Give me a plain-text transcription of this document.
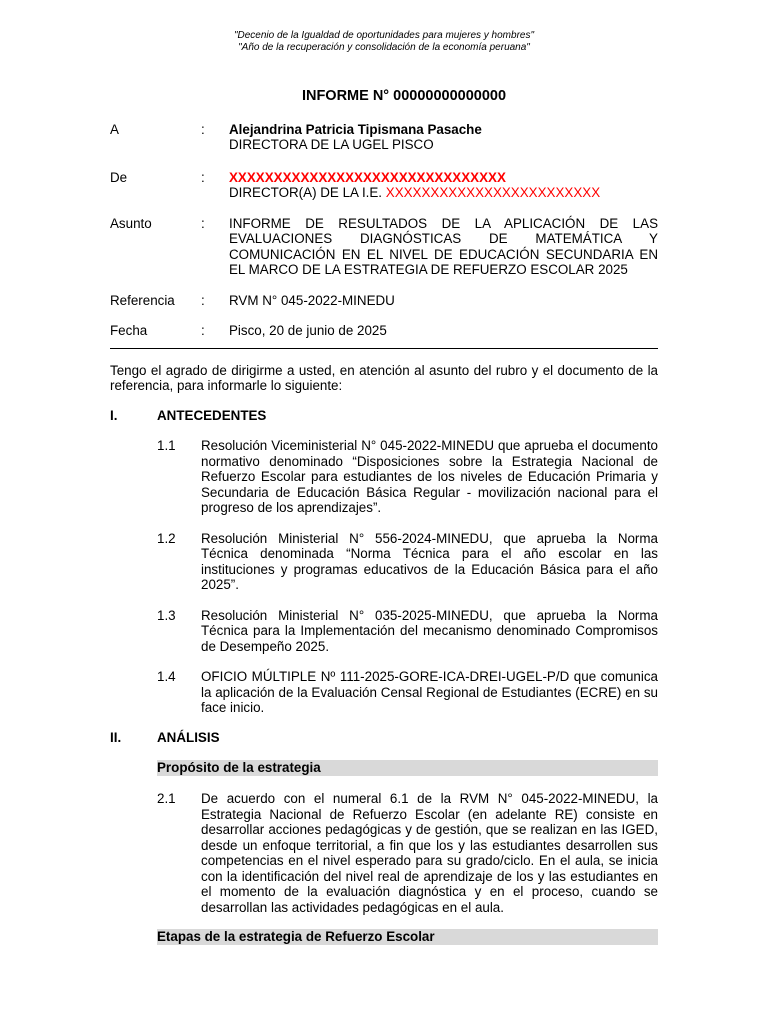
"Decenio de la Igualdad de oportunidades para mujeres y hombres"
"Año de la recuperación y consolidación de la economía peruana"
INFORME N° 00000000000000
A	:	Alejandrina Patricia Tipismana Pasache
DIRECTORA DE LA UGEL PISCO
De	:	XXXXXXXXXXXXXXXXXXXXXXXXXXXXXXX
DIRECTOR(A) DE LA I.E. XXXXXXXXXXXXXXXXXXXXXXXX
Asunto	:	INFORME DE RESULTADOS DE LA APLICACIÓN DE LAS EVALUACIONES DIAGNÓSTICAS DE MATEMÁTICA Y COMUNICACIÓN EN EL NIVEL DE EDUCACIÓN SECUNDARIA EN EL MARCO DE LA ESTRATEGIA DE REFUERZO ESCOLAR 2025
Referencia	:	RVM N° 045-2022-MINEDU
Fecha	:	Pisco, 20 de junio de 2025
Tengo el agrado de dirigirme a usted, en atención al asunto del rubro y el documento de la referencia, para informarle lo siguiente:
I.	ANTECEDENTES
1.1	Resolución Viceministerial N° 045-2022-MINEDU que aprueba el documento normativo denominado “Disposiciones sobre la Estrategia Nacional de Refuerzo Escolar para estudiantes de los niveles de Educación Primaria y Secundaria de Educación Básica Regular - movilización nacional para el progreso de los aprendizajes”.
1.2	Resolución Ministerial N° 556-2024-MINEDU, que aprueba la Norma Técnica denominada “Norma Técnica para el año escolar en las instituciones y programas educativos de la Educación Básica para el año 2025”.
1.3	Resolución Ministerial N° 035-2025-MINEDU, que aprueba la Norma Técnica para la Implementación del mecanismo denominado Compromisos de Desempeño 2025.
1.4	OFICIO MÚLTIPLE Nº 111-2025-GORE-ICA-DREI-UGEL-P/D que comunica la aplicación de la Evaluación Censal Regional de Estudiantes (ECRE) en su face inicio.
II.	ANÁLISIS
Propósito de la estrategia
2.1	De acuerdo con el numeral 6.1 de la RVM N° 045-2022-MINEDU, la Estrategia Nacional de Refuerzo Escolar (en adelante RE) consiste en desarrollar acciones pedagógicas y de gestión, que se realizan en las IGED, desde un enfoque territorial, a fin que los y las estudiantes desarrollen sus competencias en el nivel esperado para su grado/ciclo. En el aula, se inicia con la identificación del nivel real de aprendizaje de los y las estudiantes en el momento de la evaluación diagnóstica y en el proceso, cuando se desarrollan las actividades pedagógicas en el aula.
Etapas de la estrategia de Refuerzo Escolar
